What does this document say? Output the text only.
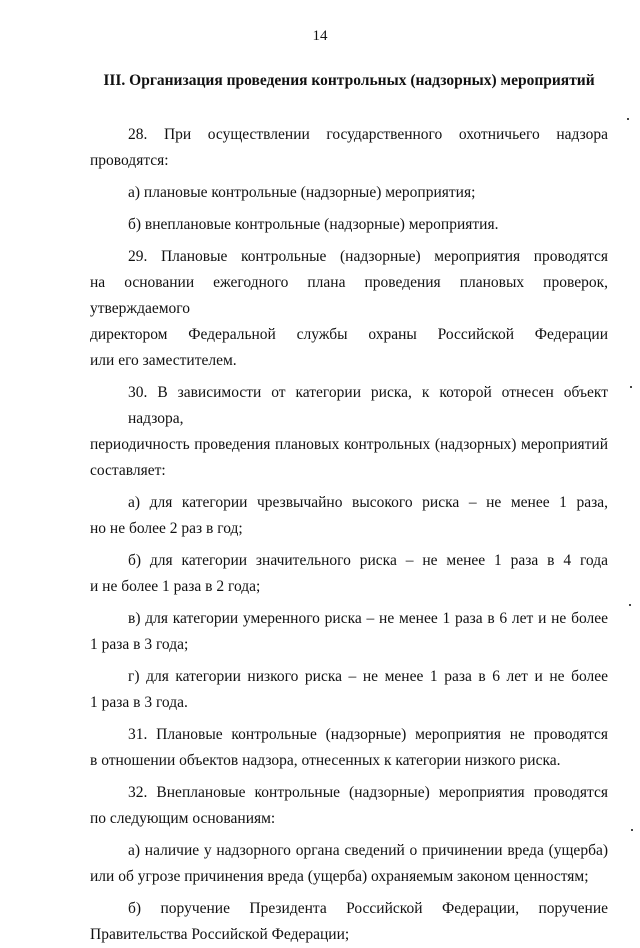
14
III. Организация проведения контрольных (надзорных) мероприятий
28. При осуществлении государственного охотничьего надзора
проводятся:
а) плановые контрольные (надзорные) мероприятия;
б) внеплановые контрольные (надзорные) мероприятия.
29. Плановые контрольные (надзорные) мероприятия проводятся
на основании ежегодного плана проведения плановых проверок, утверждаемого
директором Федеральной службы охраны Российской Федерации
или его заместителем.
30. В зависимости от категории риска, к которой отнесен объект надзора,
периодичность проведения плановых контрольных (надзорных) мероприятий
составляет:
а) для категории чрезвычайно высокого риска – не менее 1 раза,
но не более 2 раз в год;
б) для категории значительного риска – не менее 1 раза в 4 года
и не более 1 раза в 2 года;
в) для категории умеренного риска – не менее 1 раза в 6 лет и не более
1 раза в 3 года;
г) для категории низкого риска – не менее 1 раза в 6 лет и не более
1 раза в 3 года.
31. Плановые контрольные (надзорные) мероприятия не проводятся
в отношении объектов надзора, отнесенных к категории низкого риска.
32. Внеплановые контрольные (надзорные) мероприятия проводятся
по следующим основаниям:
а) наличие у надзорного органа сведений о причинении вреда (ущерба)
или об угрозе причинения вреда (ущерба) охраняемым законом ценностям;
б) поручение Президента Российской Федерации, поручение
Правительства Российской Федерации;
